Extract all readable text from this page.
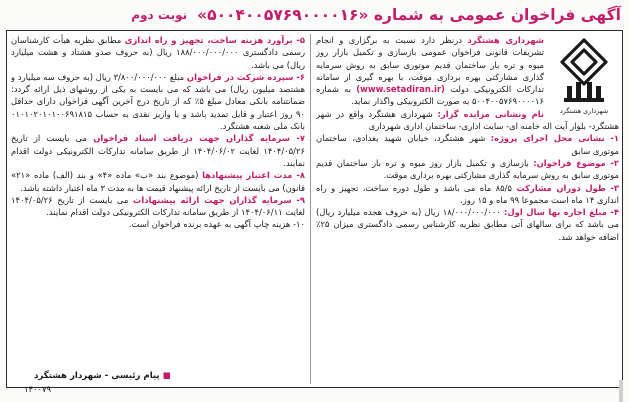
آگهی فراخوان عمومی به شماره «۵۰۰۴۰۰۵۷۶۹۰۰۰۰۱۶»
نوبت دوم
شهرداری هشتگرد

شهرداری هشتگرد درنظر دارد نسبت به برگزاری و انجام تشریفات قانونی فراخوان عمومی بازسازی و تکمیل بازار روز میوه و تره بار ساختمان قدیم موتوری سابق به روش سرمایه گذاری مشارکتی بهره برداری موقت، با بهره گیری از سامانه تدارکات الکترونیکی دولت (www.setadiran.ir) به شماره ۵۰۰۴۰۰۵۷۶۹۰۰۰۰۱۶ به صورت الکترونیکی واگذار نماید.

نام ونشانی مزایده گزار: شهرداری هشتگرد واقع در شهر هشتگرد- بلوار آیت اله خامنه ای- سایت اداری- ساختمان اداری شهرداری

۱- نشانی محل اجرای پروژه: شهر هشتگرد، خیابان شهید بغدادی، ساختمان موتوری سابق

۲- موضوع فراخوان: بازسازی و تکمیل بازار روز میوه و تره بار ساختمان قدیم موتوری سابق به روش سرمایه گذاری مشارکتی بهره برداری موقت.

۳- طول دوران مشارکت ۸۵/۵ ماه می باشد و طول دوره ساخت، تجهیز و راه اندازی ۱۴ ماه است مجموعا ۹۹ ماه و ۱۵ روز.

۴- مبلغ اجاره بها سال اول: ۱۸/۰۰۰/۰۰۰/۰۰۰ ریال (به حروف هجده میلیارد ریال) می باشد که برای سالهای آتی مطابق نظریه کارشناس رسمی دادگستری میزان ۲۵٪ اضافه خواهد شد.

۵- برآورد هزینه ساخت، تجهیز و راه اندازی مطابق نظریه هیأت کارشناسان رسمی دادگستری ۱۸۸/۰۰۰/۰۰۰/۰۰۰ ریال (به حروف صدو هشتاد و هشت میلیارد ریال) می باشد.

۶- سپرده شرکت در فراخوان مبلغ ۳/۸۰۰/۰۰۰/۰۰۰ ریال (به حروف سه میلیارد و هشتصد میلیون ریال) می باشد که می بایست به یکی از روشهای ذیل ارائه گردد: ضمانتنامه بانکی معادل مبلغ ۵٪ که از تاریخ درج آخرین آگهی فراخوان دارای حداقل ۹۰ روز اعتبار و قابل تمدید باشد و یا واریز نقدی به حساب ۰۱۰۱۰۲۰۱۰۱۰۰۶۹۱۸۱۵ بانک ملی شعبه هشتگرد.

۷- سرمایه گذاران جهت دریافت اسناد فراخوان می بایست از تاریخ ۱۴۰۴/۰۵/۲۶ لغایت ۱۴۰۴/۰۶/۰۲ از طریق سامانه تدارکات الکترونیکی دولت اقدام نمایند.

۸- مدت اعتبار پیشنهادها (موضوع بند «ب» ماده «۴» و بند (الف) ماده «۲۱» قانون) می بایست از تاریخ ارائه پیشنهاد قیمت ها به مدت ۳ ماه اعتبار داشته باشد.

۹- سرمایه گذاران جهت ارائه پیشنهادات می بایست از تاریخ ۱۴۰۴/۰۵/۲۶ لغایت ۱۴۰۴/۰۶/۱۱ از طریق سامانه تدارکات الکترونیکی دولت اقدام نمایند.

۱۰- هزینه چاپ آگهی به عهده برنده فراخوان است.

■ پیام رئیسی - شهردار هشتگرد
۱۴۰۰۷۹
